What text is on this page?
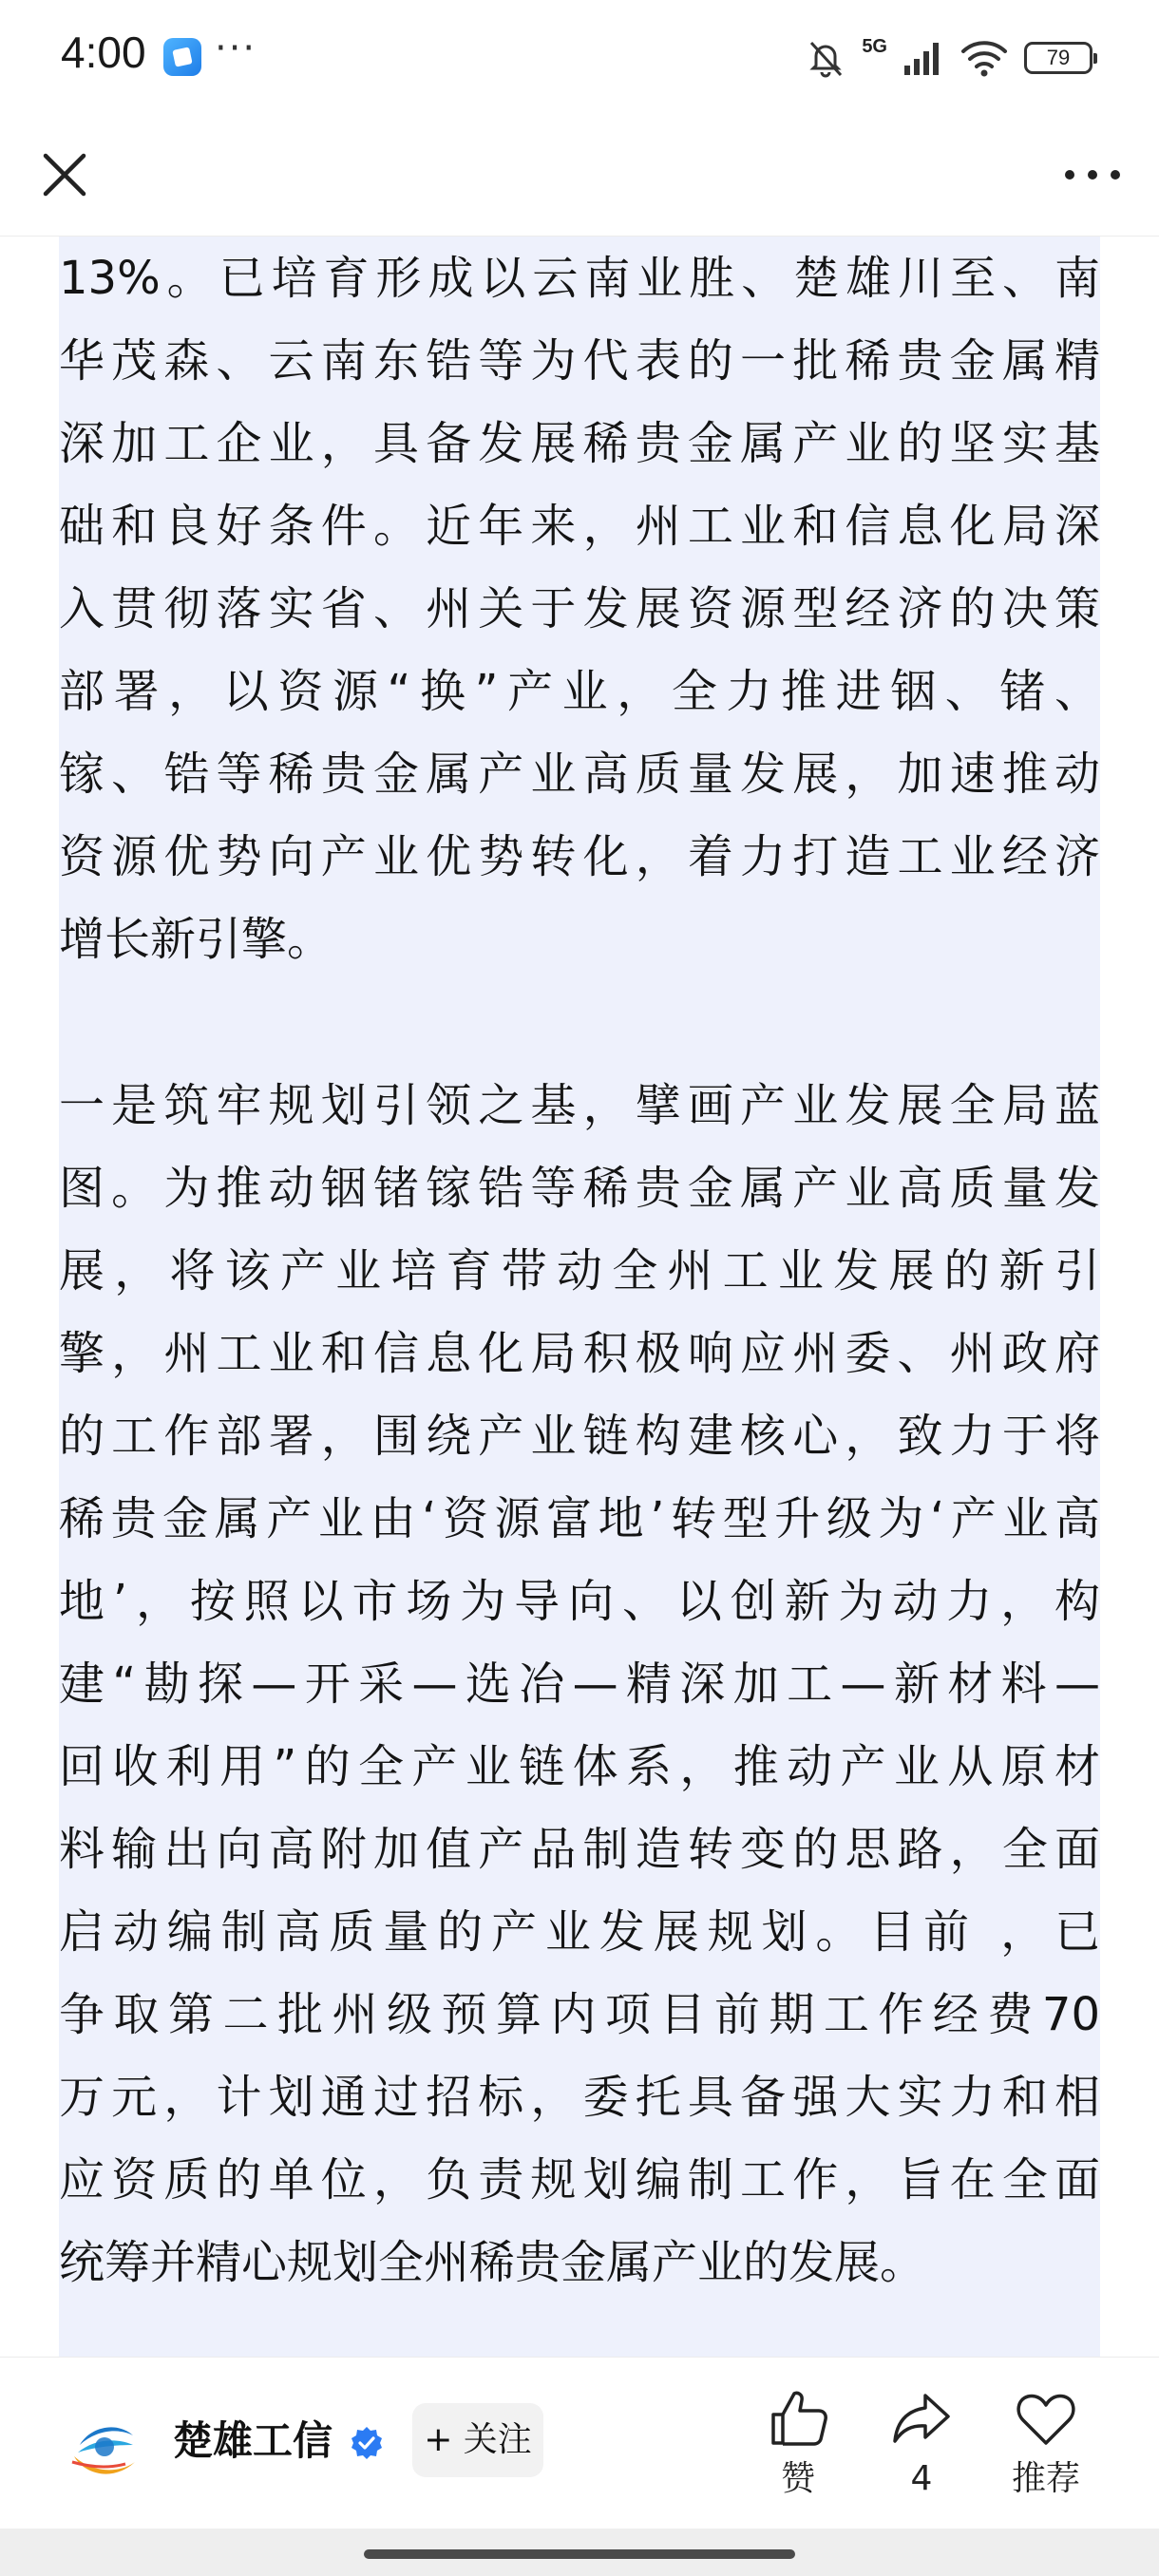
4:00 ···	5G	79
13%。已培育形成以云南业胜、楚雄川至、南
华茂森、云南东锆等为代表的一批稀贵金属精
深加工企业，具备发展稀贵金属产业的坚实基
础和良好条件。近年来，州工业和信息化局深
入贯彻落实省、州关于发展资源型经济的决策
部署，以资源“换”产业，全力推进铟、锗、
镓、锆等稀贵金属产业高质量发展，加速推动
资源优势向产业优势转化，着力打造工业经济
增长新引擎。
一是筑牢规划引领之基，擘画产业发展全局蓝
图。为推动铟锗镓锆等稀贵金属产业高质量发
展，将该产业培育带动全州工业发展的新引
擎，州工业和信息化局积极响应州委、州政府
的工作部署，围绕产业链构建核心，致力于将
稀贵金属产业由‘资源富地’转型升级为‘产业高
地’，按照以市场为导向、以创新为动力，构
建“勘探—开采—选冶—精深加工—新材料—
回收利用”的全产业链体系，推动产业从原材
料输出向高附加值产品制造转变的思路，全面
启动编制高质量的产业发展规划。目前 ，已
争取第二批州级预算内项目前期工作经费70
万元，计划通过招标，委托具备强大实力和相
应资质的单位，负责规划编制工作，旨在全面
统筹并精心规划全州稀贵金属产业的发展。
楚雄工信	+ 关注
赞	4	推荐
